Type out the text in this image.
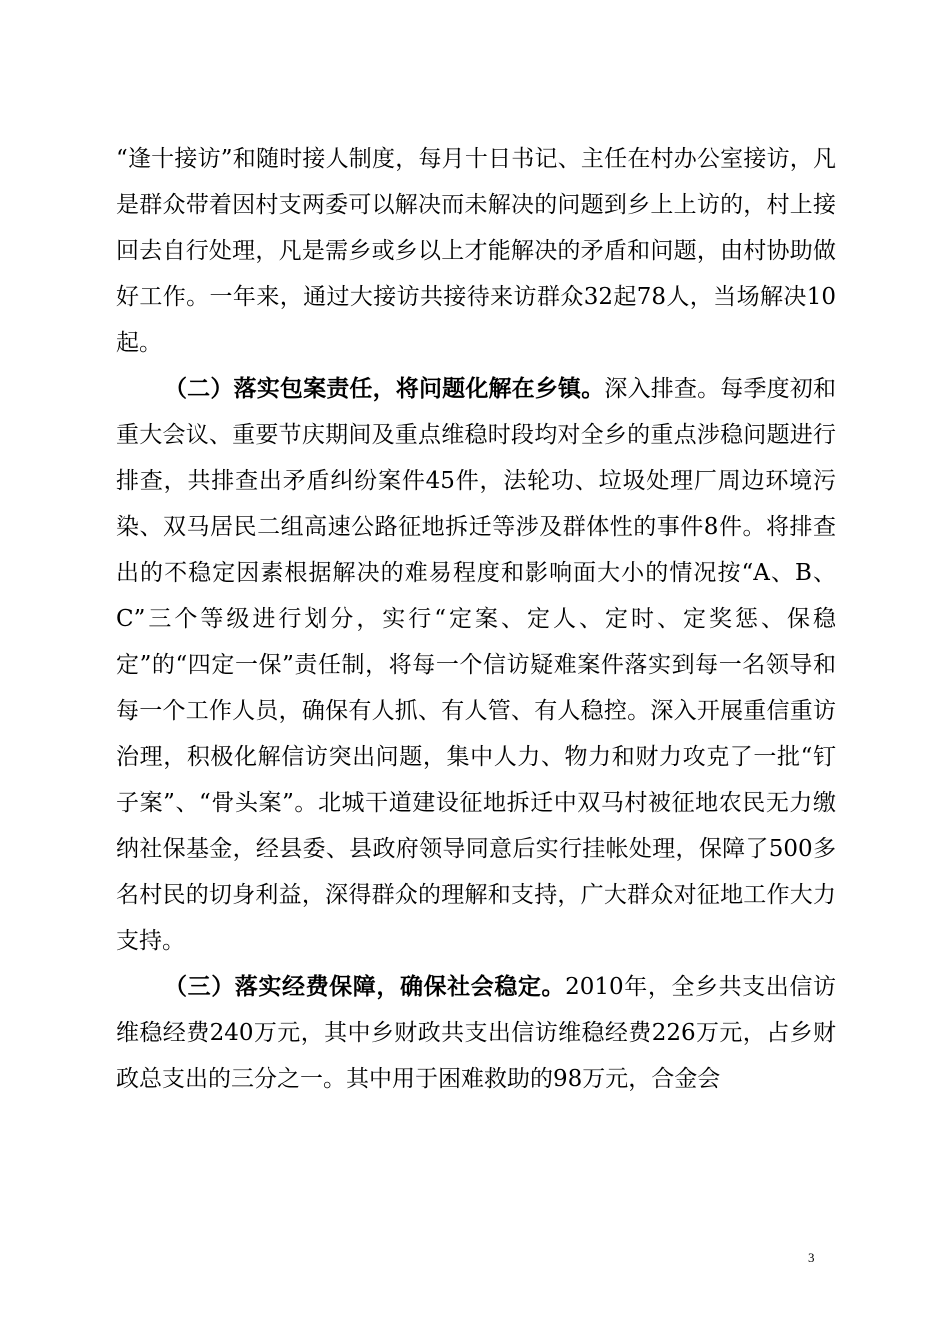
“逢十接访”和随时接人制度，每月十日书记、主任在村办公室接访，凡是群众带着因村支两委可以解决而未解决的问题到乡上上访的，村上接回去自行处理，凡是需乡或乡以上才能解决的矛盾和问题，由村协助做好工作。一年来，通过大接访共接待来访群众32起78人，当场解决10起。

（二）落实包案责任，将问题化解在乡镇。深入排查。每季度初和重大会议、重要节庆期间及重点维稳时段均对全乡的重点涉稳问题进行排查，共排查出矛盾纠纷案件45件，法轮功、垃圾处理厂周边环境污染、双马居民二组高速公路征地拆迁等涉及群体性的事件8件。将排查出的不稳定因素根据解决的难易程度和影响面大小的情况按“A、B、C”三个等级进行划分，实行“定案、定人、定时、定奖惩、保稳定”的“四定一保”责任制，将每一个信访疑难案件落实到每一名领导和每一个工作人员，确保有人抓、有人管、有人稳控。深入开展重信重访治理，积极化解信访突出问题，集中人力、物力和财力攻克了一批“钉子案”、“骨头案”。北城干道建设征地拆迁中双马村被征地农民无力缴纳社保基金，经县委、县政府领导同意后实行挂帐处理，保障了500多名村民的切身利益，深得群众的理解和支持，广大群众对征地工作大力支持。

（三）落实经费保障，确保社会稳定。2010年，全乡共支出信访维稳经费240万元，其中乡财政共支出信访维稳经费226万元，占乡财政总支出的三分之一。其中用于困难救助的98万元，合金会

3
